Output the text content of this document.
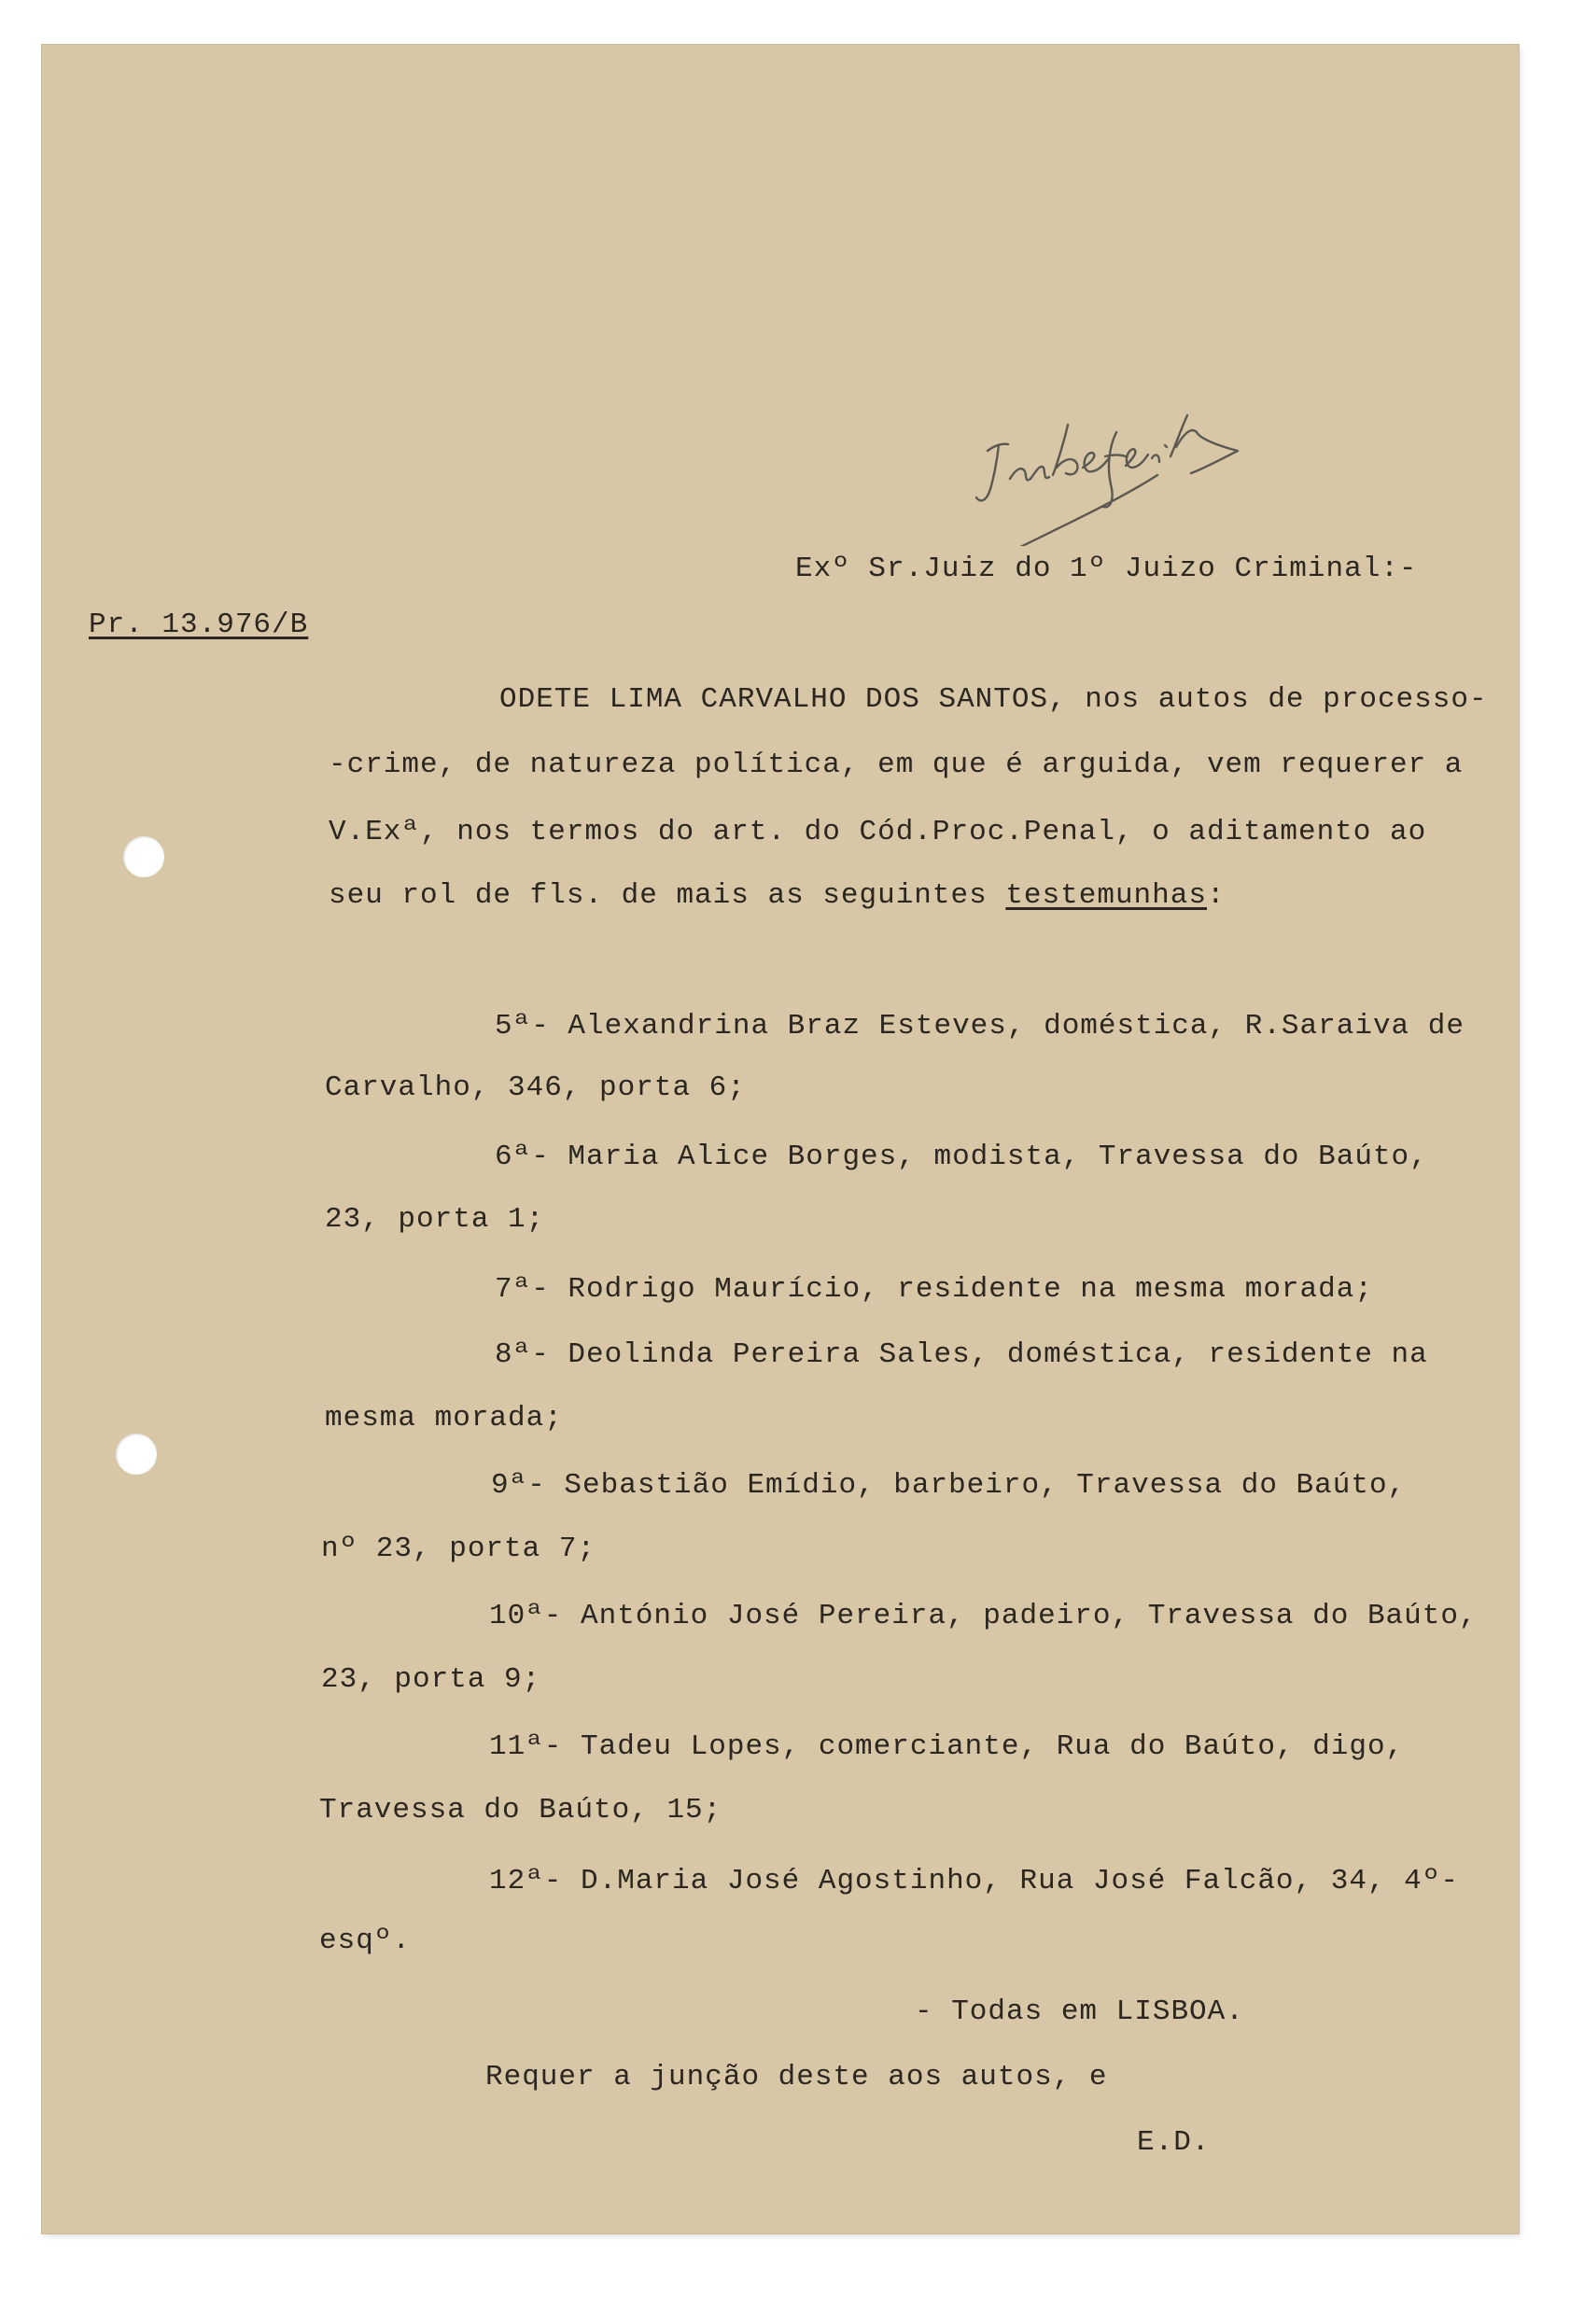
Exº Sr.Juiz do 1º Juizo Criminal:-
Pr. 13.976/B
ODETE LIMA CARVALHO DOS SANTOS, nos autos de processo-
-crime, de natureza política, em que é arguida, vem requerer a
V.Exª, nos termos do art. do Cód.Proc.Penal, o aditamento ao
seu rol de fls. de mais as seguintes testemunhas:
5ª- Alexandrina Braz Esteves, doméstica, R.Saraiva de
Carvalho, 346, porta 6;
6ª- Maria Alice Borges, modista, Travessa do Baúto,
23, porta 1;
7ª- Rodrigo Maurício, residente na mesma morada;
8ª- Deolinda Pereira Sales, doméstica, residente na
mesma morada;
9ª- Sebastião Emídio, barbeiro, Travessa do Baúto,
nº 23, porta 7;
10ª- António José Pereira, padeiro, Travessa do Baúto,
23, porta 9;
11ª- Tadeu Lopes, comerciante, Rua do Baúto, digo,
Travessa do Baúto, 15;
12ª- D.Maria José Agostinho, Rua José Falcão, 34, 4º-
esqº.
- Todas em LISBOA.
Requer a junção deste aos autos, e
E.D.
